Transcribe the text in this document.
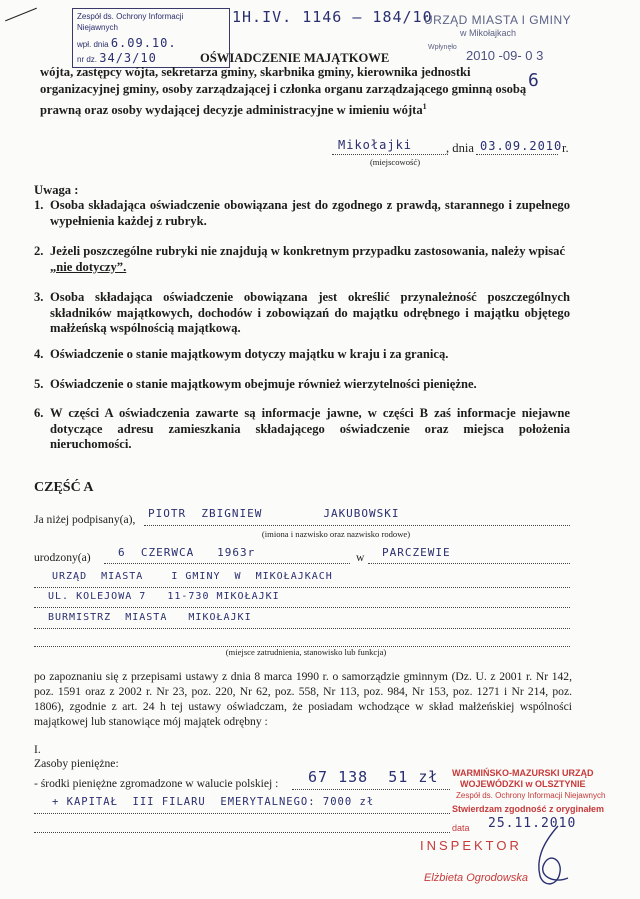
Zespół ds. Ochrony Informacji Niejawnych
wpł. dnia 6.09.10.
nr dz. 34/3/10
1H.IV. 1146 – 184/10
URZĄD MIASTA I GMINY
w Mikołajkach
Wpłynęło
2010 -09- 0 3
6
OŚWIADCZENIE MAJĄTKOWE
wójta, zastępcy wójta, sekretarza gminy, skarbnika gminy, kierownika jednostki
organizacyjnej gminy, osoby zarządzającej i członka organu zarządzającego gminną osobą
prawną oraz osoby wydającej decyzje administracyjne w imieniu wójta$^1$
Mikołajki	, dnia 03.09.2010 r.
(miejscowość)
Uwaga :
1. Osoba składająca oświadczenie obowiązana jest do zgodnego z prawdą, starannego i zupełnego wypełnienia każdej z rubryk.
2. Jeżeli poszczególne rubryki nie znajdują w konkretnym przypadku zastosowania, należy wpisać „nie dotyczy”.
3. Osoba składająca oświadczenie obowiązana jest określić przynależność poszczególnych składników majątkowych, dochodów i zobowiązań do majątku odrębnego i majątku objętego małżeńską wspólnością majątkową.
4. Oświadczenie o stanie majątkowym dotyczy majątku w kraju i za granicą.
5. Oświadczenie o stanie majątkowym obejmuje również wierzytelności pieniężne.
6. W części A oświadczenia zawarte są informacje jawne, w części B zaś informacje niejawne dotyczące adresu zamieszkania składającego oświadczenie oraz miejsca położenia nieruchomości.
CZĘŚĆ A
Ja niżej podpisany(a), PIOTR  ZBIGNIEW        JAKUBOWSKI
(imiona i nazwisko oraz nazwisko rodowe)
urodzony(a) 6  CZERWCA   1963r	w PARCZEWIE
URZĄD  MIASTA    I GMINY  W  MIKOŁAJKACH
UL. KOLEJOWA 7   11-730 MIKOŁAJKI
BURMISTRZ  MIASTA   MIKOŁAJKI
(miejsce zatrudnienia, stanowisko lub funkcja)
po zapoznaniu się z przepisami ustawy z dnia 8 marca 1990 r. o samorządzie gminnym (Dz. U. z 2001 r. Nr 142, poz. 1591 oraz z 2002 r. Nr 23, poz. 220, Nr 62, poz. 558, Nr 113, poz. 984, Nr 153, poz. 1271 i Nr 214, poz. 1806), zgodnie z art. 24 h tej ustawy oświadczam, że posiadam wchodzące w skład małżeńskiej wspólności majątkowej lub stanowiące mój majątek odrębny :
I.
Zasoby pieniężne:
- środki pieniężne zgromadzone w walucie polskiej : 67 138  51 zł
+ KAPITAŁ  III FILARU  EMERYTALNEGO: 7000 zł
WARMIŃSKO-MAZURSKI URZĄD
WOJEWÓDZKI w OLSZTYNIE
Zespół ds. Ochrony Informacji Niejawnych
Stwierdzam zgodność z oryginałem
data 25.11.2010
INSPEKTOR
Elżbieta Ogrodowska
